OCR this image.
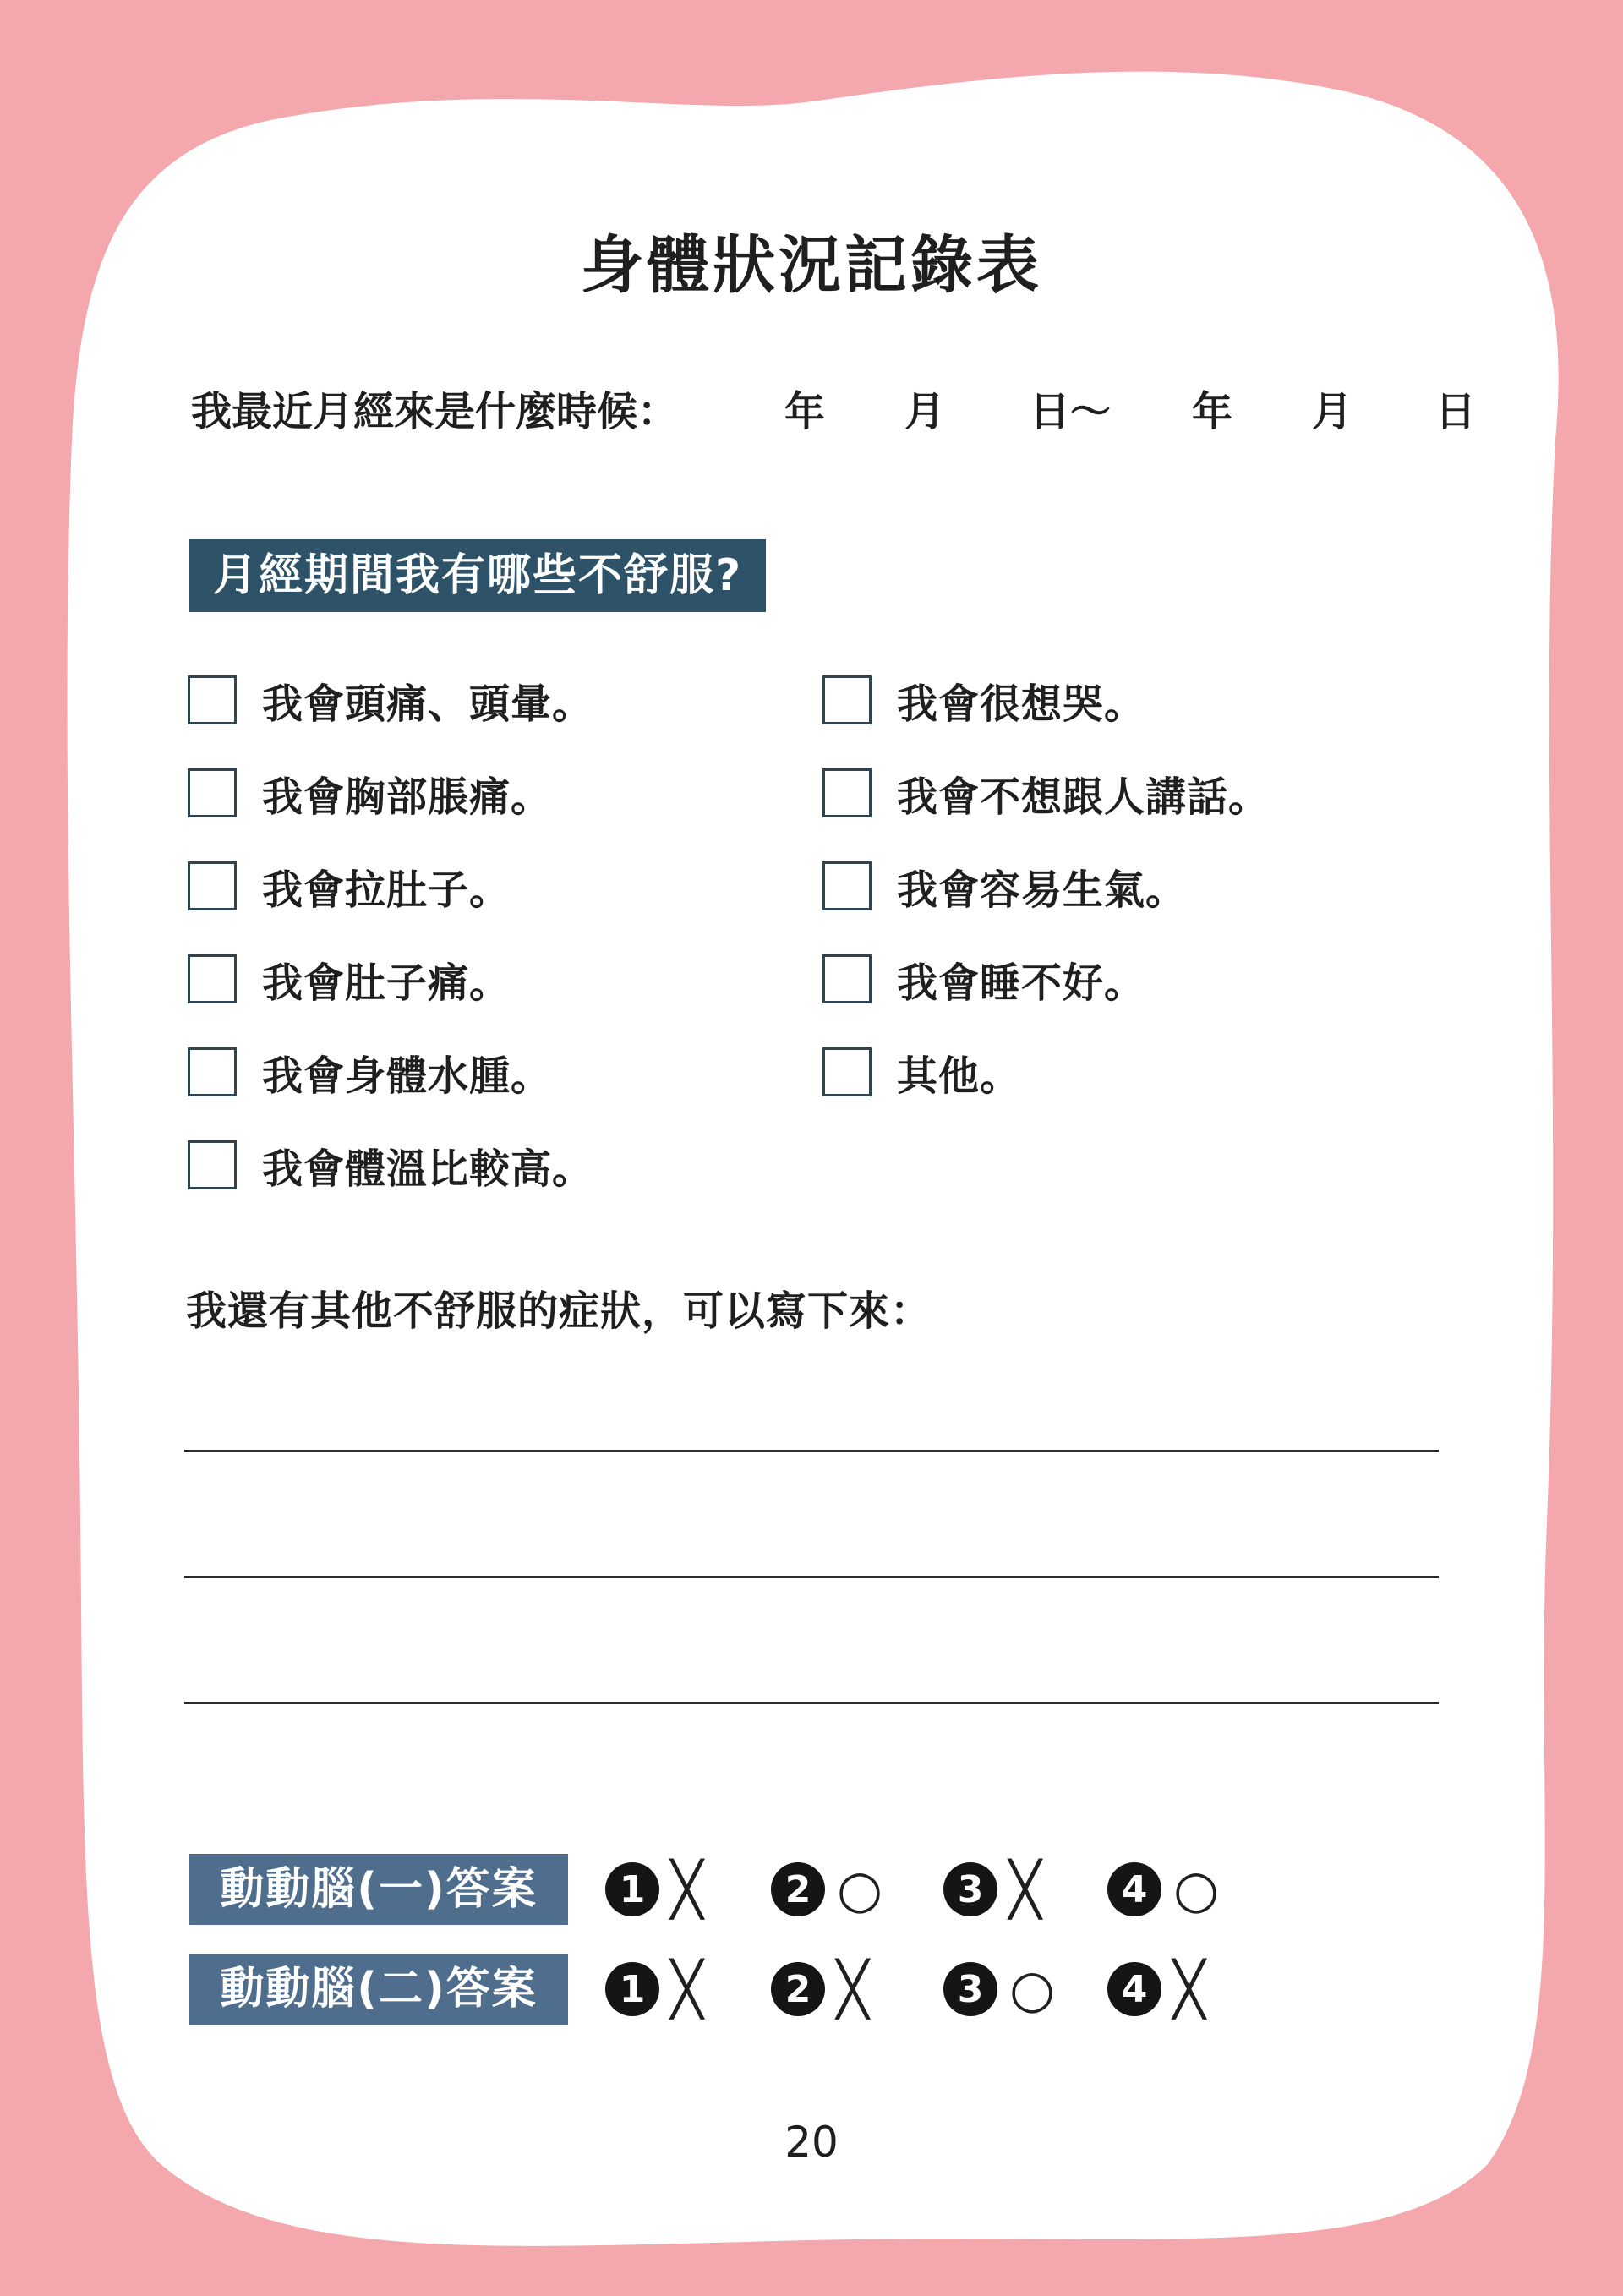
身體狀況記錄表
我最近月經來是什麼時候：	年 月 日～ 年 月 日
月經期間我有哪些不舒服?
我會頭痛、頭暈。
我會胸部脹痛。
我會拉肚子。
我會肚子痛。
我會身體水腫。
我會體溫比較高。
我會很想哭。
我會不想跟人講話。
我會容易生氣。
我會睡不好。
其他。
我還有其他不舒服的症狀，可以寫下來：
動動腦(一)答案	1 ╳	2 ○	3 ╳	4 ○
動動腦(二)答案	1 ╳	2 ╳	3 ○	4 ╳
20
